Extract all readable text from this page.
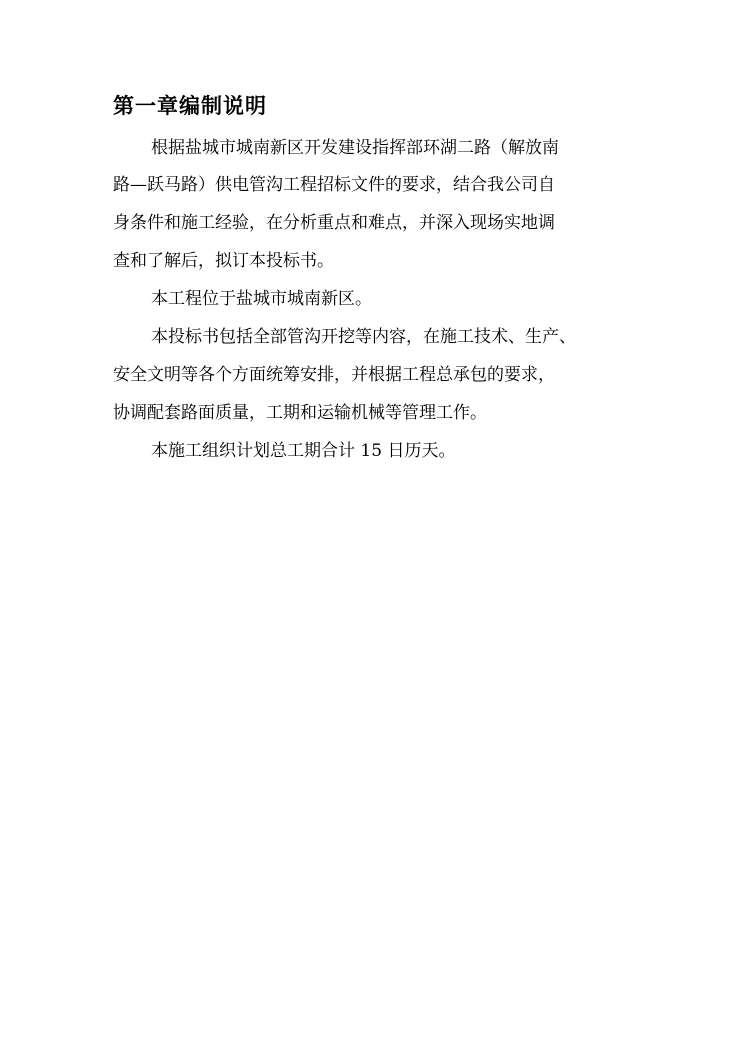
第一章编制说明
根据盐城市城南新区开发建设指挥部环湖二路（解放南
路—跃马路）供电管沟工程招标文件的要求，结合我公司自
身条件和施工经验，在分析重点和难点，并深入现场实地调
查和了解后，拟订本投标书。
本工程位于盐城市城南新区。
本投标书包括全部管沟开挖等内容，在施工技术、生产、
安全文明等各个方面统筹安排，并根据工程总承包的要求，
协调配套路面质量，工期和运输机械等管理工作。
本施工组织计划总工期合计 15 日历天。
